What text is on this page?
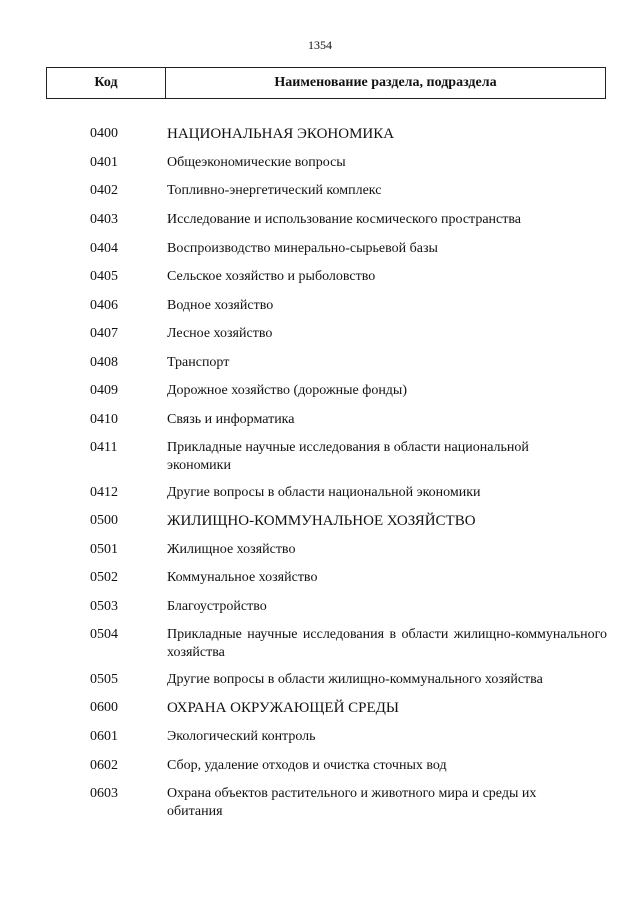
1354
Код	Наименование раздела, подраздела
0400	НАЦИОНАЛЬНАЯ ЭКОНОМИКА
0401	Общеэкономические вопросы
0402	Топливно-энергетический комплекс
0403	Исследование и использование космического пространства
0404	Воспроизводство минерально-сырьевой базы
0405	Сельское хозяйство и рыболовство
0406	Водное хозяйство
0407	Лесное хозяйство
0408	Транспорт
0409	Дорожное хозяйство (дорожные фонды)
0410	Связь и информатика
0411	Прикладные научные исследования в области национальной экономики
0412	Другие вопросы в области национальной экономики
0500	ЖИЛИЩНО-КОММУНАЛЬНОЕ ХОЗЯЙСТВО
0501	Жилищное хозяйство
0502	Коммунальное хозяйство
0503	Благоустройство
0504	Прикладные научные исследования в области жилищно-коммунального хозяйства
0505	Другие вопросы в области жилищно-коммунального хозяйства
0600	ОХРАНА ОКРУЖАЮЩЕЙ СРЕДЫ
0601	Экологический контроль
0602	Сбор, удаление отходов и очистка сточных вод
0603	Охрана объектов растительного и животного мира и среды их обитания
